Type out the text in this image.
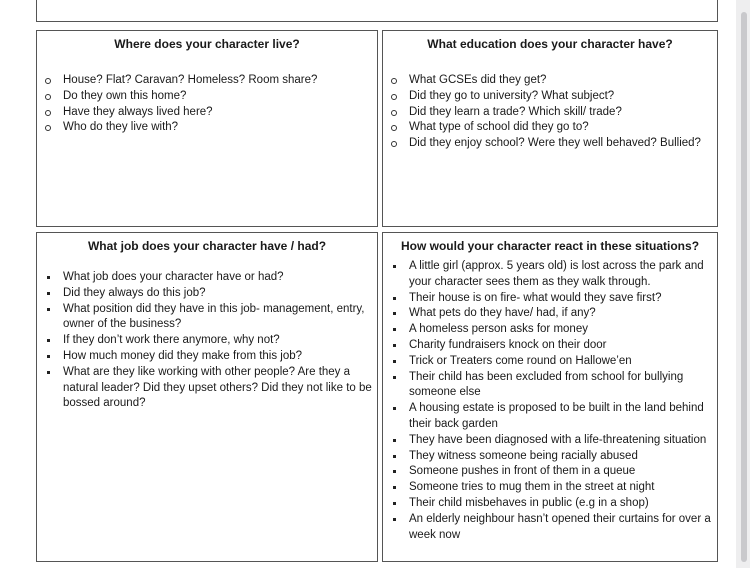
Where does your character live?
House? Flat? Caravan? Homeless? Room share?
Do they own this home?
Have they always lived here?
Who do they live with?
What education does your character have?
What GCSEs did they get?
Did they go to university? What subject?
Did they learn a trade? Which skill/ trade?
What type of school did they go to?
Did they enjoy school? Were they well behaved? Bullied?
What job does your character have / had?
What job does your character have or had?
Did they always do this job?
What position did they have in this job- management, entry, owner of the business?
If they don’t work there anymore, why not?
How much money did they make from this job?
What are they like working with other people? Are they a natural leader? Did they upset others? Did they not like to be bossed around?
How would your character react in these situations?
A little girl (approx. 5 years old) is lost across the park and your character sees them as they walk through.
Their house is on fire- what would they save first?
What pets do they have/ had, if any?
A homeless person asks for money
Charity fundraisers knock on their door
Trick or Treaters come round on Hallowe’en
Their child has been excluded from school for bullying someone else
A housing estate is proposed to be built in the land behind their back garden
They have been diagnosed with a life-threatening situation
They witness someone being racially abused
Someone pushes in front of them in a queue
Someone tries to mug them in the street at night
Their child misbehaves in public (e.g in a shop)
An elderly neighbour hasn’t opened their curtains for over a week now
